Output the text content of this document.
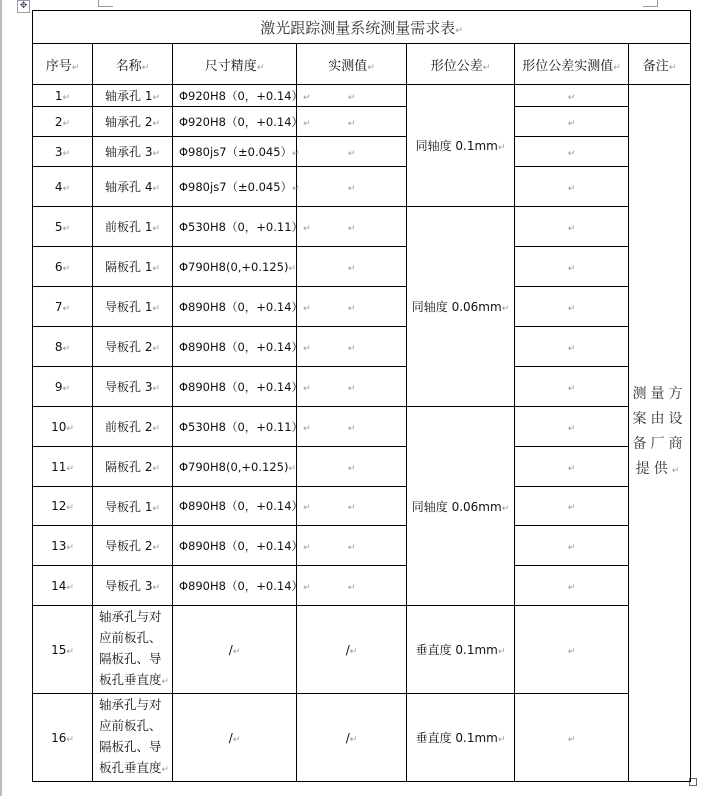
✥
激光跟踪测量系统测量需求表↵						
序号↵	名称↵	尺寸精度↵	实测值↵	形位公差↵	形位公差实测值↵	备注↵
1↵	轴承孔 1↵	Φ920H8（0，+0.14）↵	↵	同轴度 0.1mm↵	↵	测量方案由设备厂商提供↵
2↵	轴承孔 2↵	Φ920H8（0，+0.14）↵	↵		↵	
3↵	轴承孔 3↵	Φ980js7（±0.045）↵	↵		↵	
4↵	轴承孔 4↵	Φ980js7（±0.045）↵	↵		↵	
5↵	前板孔 1↵	Φ530H8（0，+0.11）↵	↵	同轴度 0.06mm↵	↵	
6↵	隔板孔 1↵	Φ790H8(0,+0.125)↵	↵		↵	
7↵	导板孔 1↵	Φ890H8（0，+0.14）↵	↵		↵	
8↵	导板孔 2↵	Φ890H8（0，+0.14）↵	↵		↵	
9↵	导板孔 3↵	Φ890H8（0，+0.14）↵	↵		↵	
10↵	前板孔 2↵	Φ530H8（0，+0.11）↵	↵	同轴度 0.06mm↵	↵	
11↵	隔板孔 2↵	Φ790H8(0,+0.125)↵	↵		↵	
12↵	导板孔 1↵	Φ890H8（0，+0.14）↵	↵		↵	
13↵	导板孔 2↵	Φ890H8（0，+0.14）↵	↵		↵	
14↵	导板孔 3↵	Φ890H8（0，+0.14）↵	↵		↵	
15↵	轴承孔与对应前板孔、隔板孔、导板孔垂直度↵	/↵	/↵	垂直度 0.1mm↵	↵	
16↵	轴承孔与对应前板孔、隔板孔、导板孔垂直度↵	/↵	/↵	垂直度 0.1mm↵	↵	
